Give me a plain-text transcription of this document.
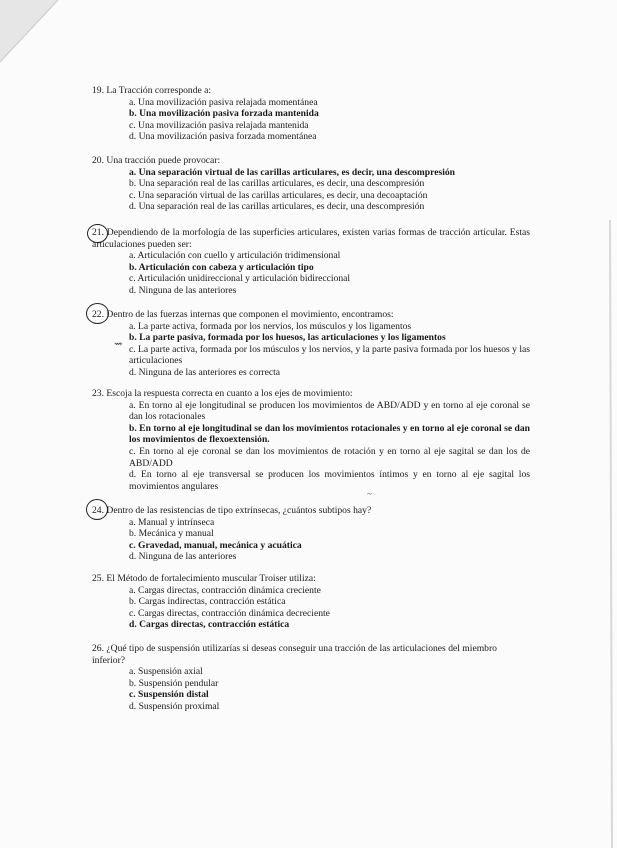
19. La Tracción corresponde a:
a. Una movilización pasiva relajada momentánea
b. Una movilización pasiva forzada mantenida
c. Una movilización pasiva relajada mantenida
d. Una movilización pasiva forzada momentánea
20. Una tracción puede provocar:
a. Una separación virtual de las carillas articulares, es decir, una descompresión
b. Una separación real de las carillas articulares, es decir, una descompresión
c. Una separación virtual de las carillas articulares, es decir, una decoaptación
d. Una separación real de las carillas articulares, es decir, una descompresión
21. Dependiendo de la morfología de las superficies articulares, existen varias formas de tracción articular. Estas articulaciones pueden ser:
a. Articulación con cuello y articulación tridimensional
b. Articulación con cabeza y articulación tipo
c. Articulación unidireccional y articulación bidireccional
d. Ninguna de las anteriores
⇝
22. Dentro de las fuerzas internas que componen el movimiento, encontramos:
a. La parte activa, formada por los nervios, los músculos y los ligamentos
b. La parte pasiva, formada por los huesos, las articulaciones y los ligamentos
c. La parte activa, formada por los músculos y los nervios, y la parte pasiva formada por los huesos y las articulaciones
d. Ninguna de las anteriores es correcta
23. Escoja la respuesta correcta en cuanto a los ejes de movimiento:
a. En torno al eje longitudinal se producen los movimientos de ABD/ADD y en torno al eje coronal se dan los rotacionales
b. En torno al eje longitudinal se dan los movimientos rotacionales y en torno al eje coronal se dan los movimientos de flexoextensión.
c. En torno al eje coronal se dan los movimientos de rotación y en torno al eje sagital se dan los de ABD/ADD
d. En torno al eje transversal se producen los movimientos íntimos y en torno al eje sagital los movimientos angulares
~
24. Dentro de las resistencias de tipo extrínsecas, ¿cuántos subtipos hay?
a. Manual y intrínseca
b. Mecánica y manual
c. Gravedad, manual, mecánica y acuática
d. Ninguna de las anteriores
25. El Método de fortalecimiento muscular Troiser utiliza:
a. Cargas directas, contracción dinámica creciente
b. Cargas indirectas, contracción estática
c. Cargas directas, contracción dinámica decreciente
d. Cargas directas, contracción estática
26. ¿Qué tipo de suspensión utilizarías si deseas conseguir una tracción de las articulaciones del miembro inferior?
a. Suspensión axial
b. Suspensión pendular
c. Suspensión distal
d. Suspensión proximal
